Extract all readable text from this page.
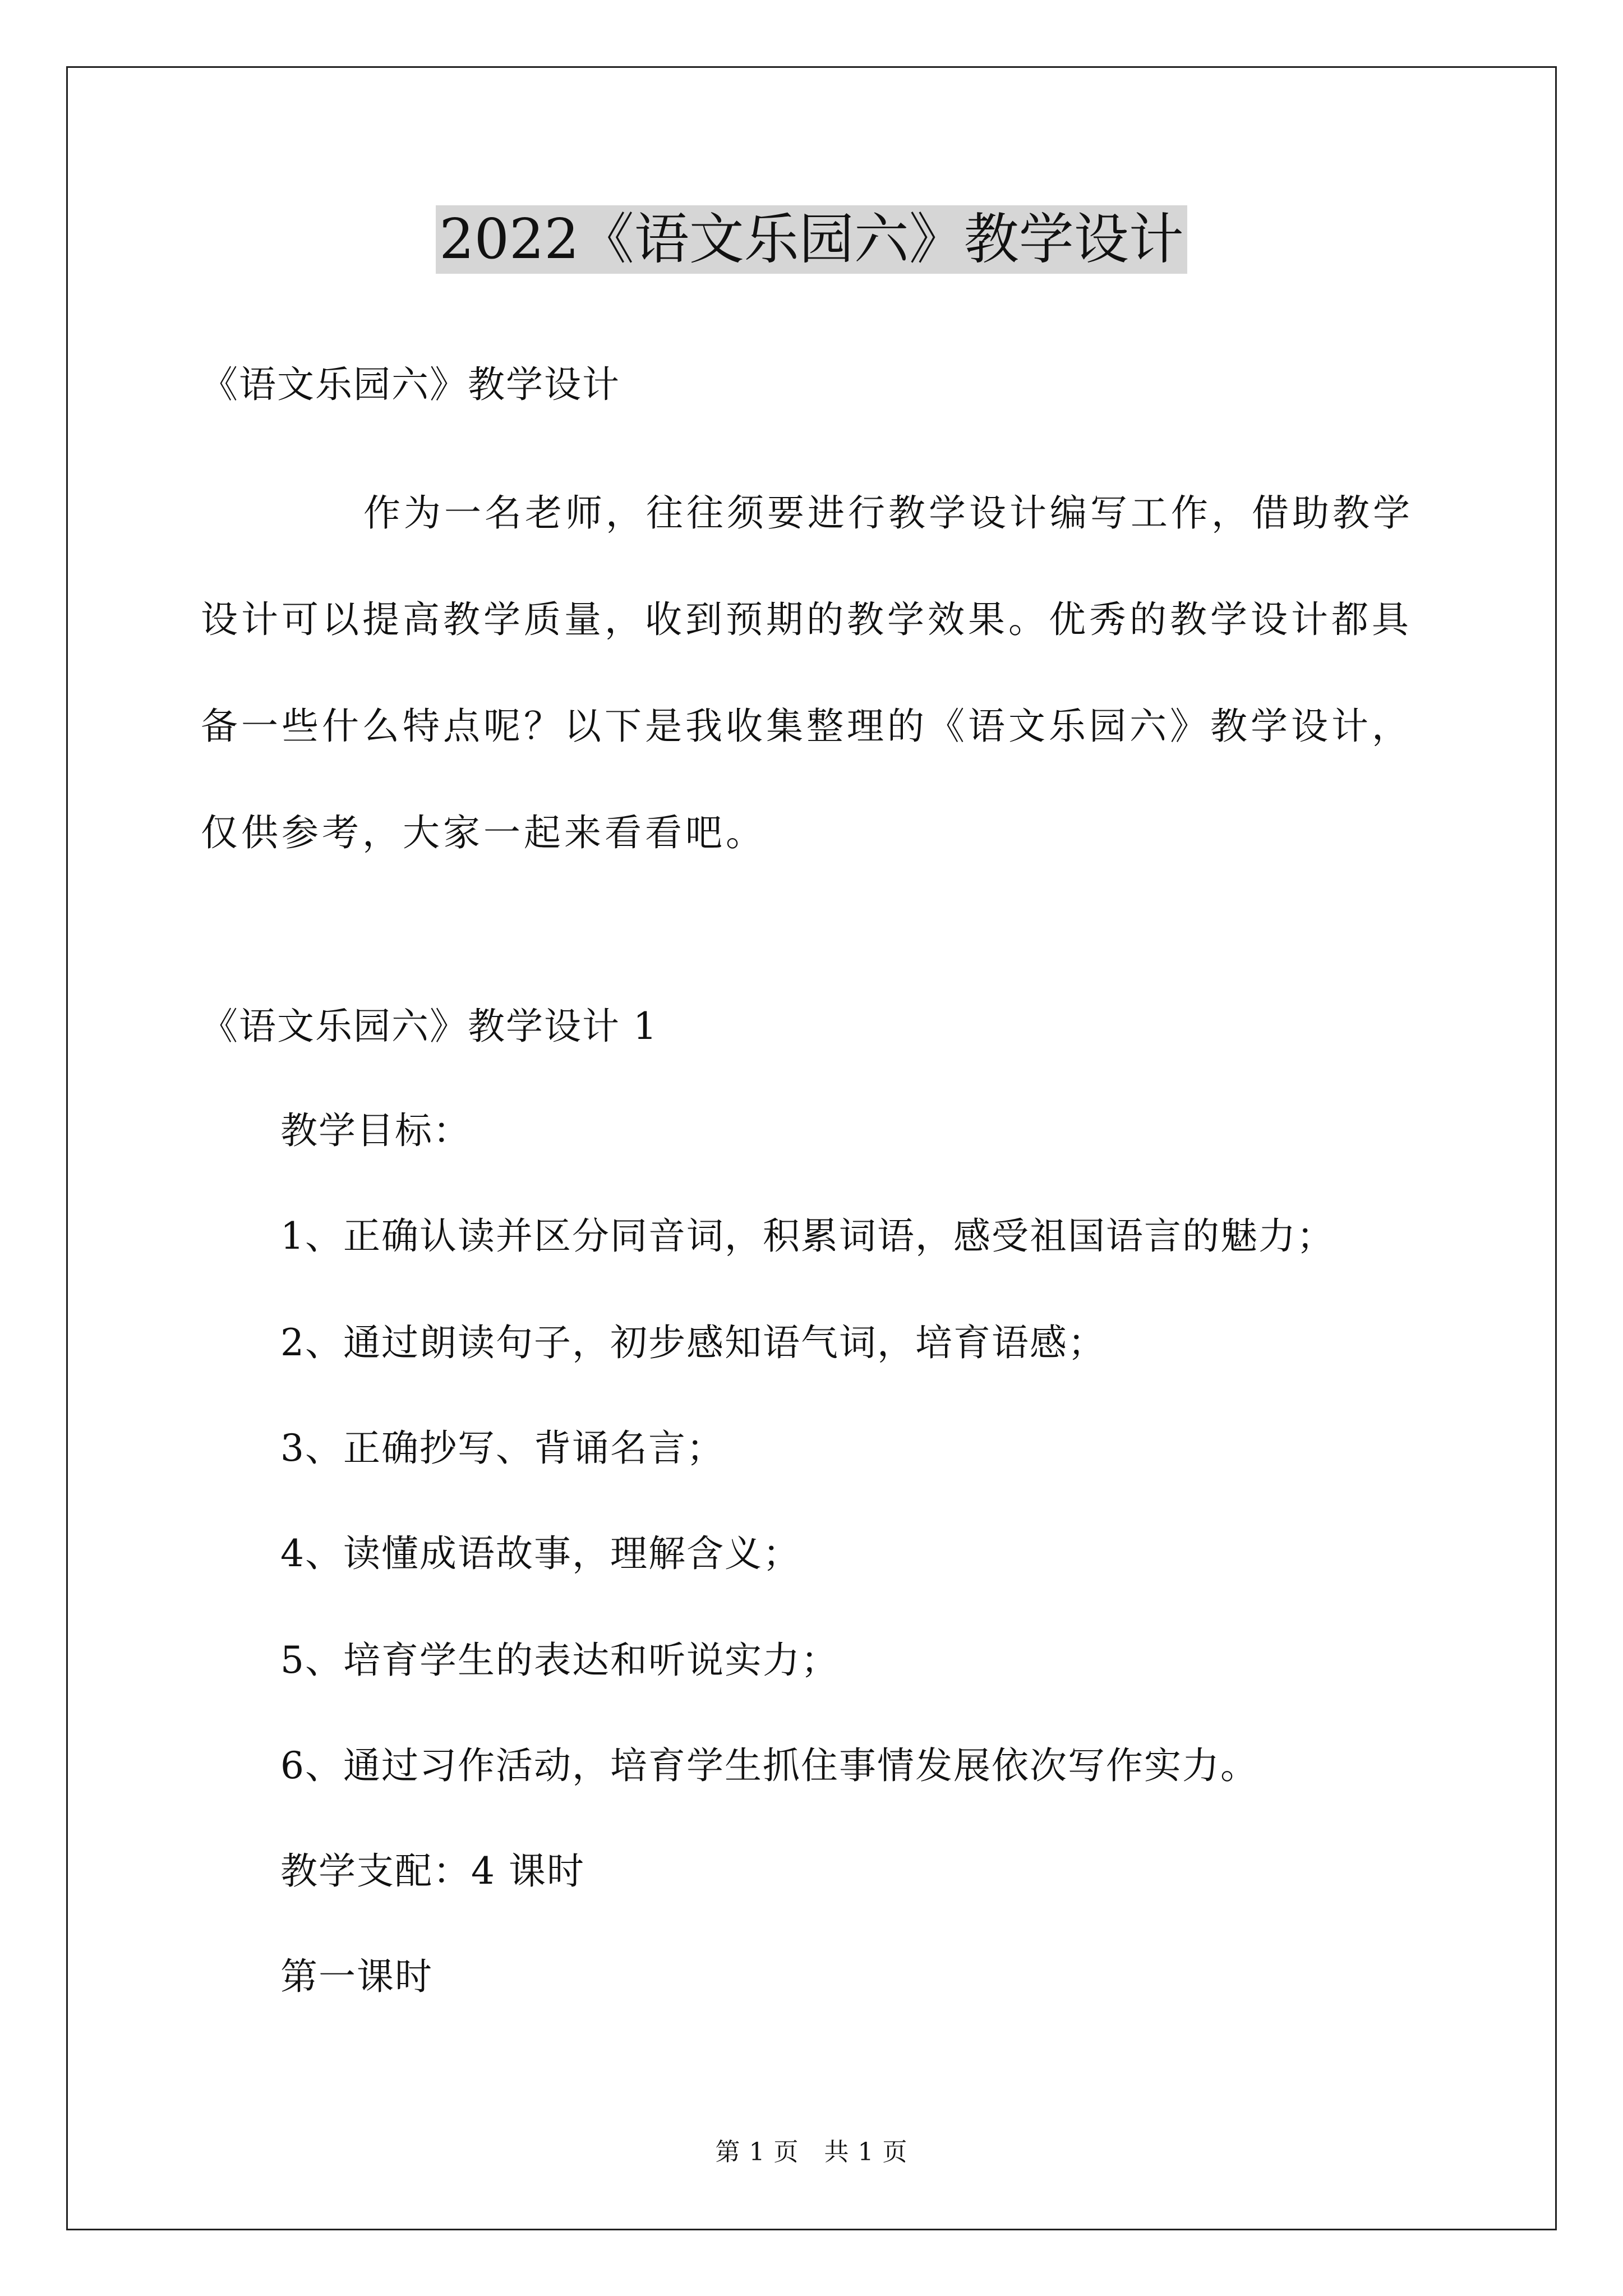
2022《语文乐园六》教学设计

《语文乐园六》教学设计

作为一名老师，往往须要进行教学设计编写工作，借助教学
设计可以提高教学质量，收到预期的教学效果。优秀的教学设计都具
备一些什么特点呢？以下是我收集整理的《语文乐园六》教学设计，
仅供参考，大家一起来看看吧。

《语文乐园六》教学设计 1

教学目标：

1、正确认读并区分同音词，积累词语，感受祖国语言的魅力；

2、通过朗读句子，初步感知语气词，培育语感；

3、正确抄写、背诵名言；

4、读懂成语故事，理解含义；

5、培育学生的表达和听说实力；

6、通过习作活动，培育学生抓住事情发展依次写作实力。

教学支配：4 课时

第一课时

第 1 页　共 1 页
